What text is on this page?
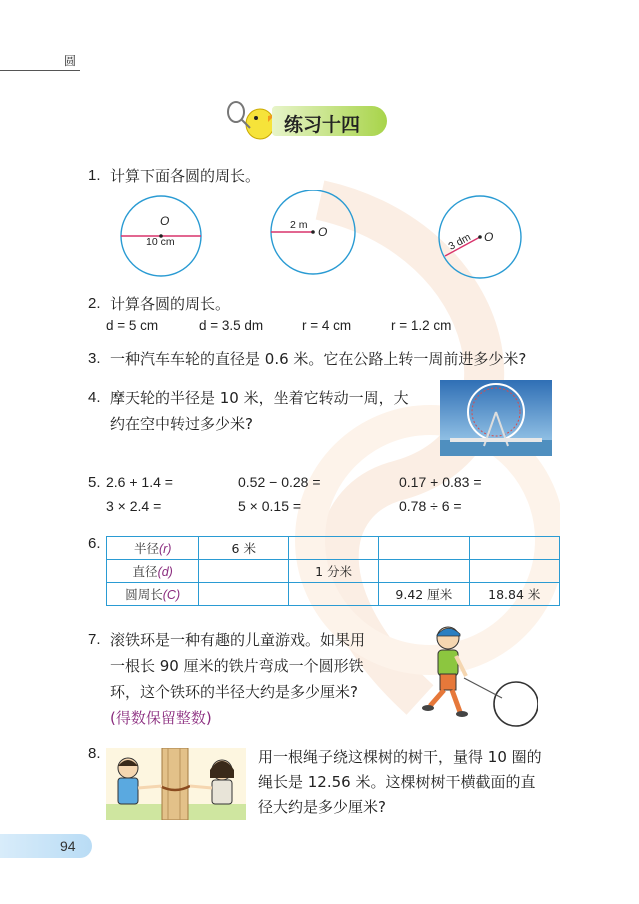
圆
练习十四
1. 计算下面各圆的周长。
O
10 cm
2 m O	3 dm O
2. 计算各圆的周长。
d = 5 cm	d = 3.5 dm	r = 4 cm	r = 1.2 cm
3. 一种汽车车轮的直径是 0.6 米。它在公路上转一周前进多少米?
4. 摩天轮的半径是 10 米，坐着它转动一周，大
约在空中转过多少米?
5. 2.6 + 1.4 =	0.52 − 0.28 =	0.17 + 0.83 =
3 × 2.4 =	5 × 0.15 =	0.78 ÷ 6 =
6.	半径(r)	6 米			
直径(d)		1 分米		
圆周长(C)			9.42 厘米	18.84 米
7. 滚铁环是一种有趣的儿童游戏。如果用
一根长 90 厘米的铁片弯成一个圆形铁
环，这个铁环的半径大约是多少厘米?
(得数保留整数)
8.	用一根绳子绕这棵树的树干，量得 10 圈的
绳长是 12.56 米。这棵树树干横截面的直
径大约是多少厘米?
94
